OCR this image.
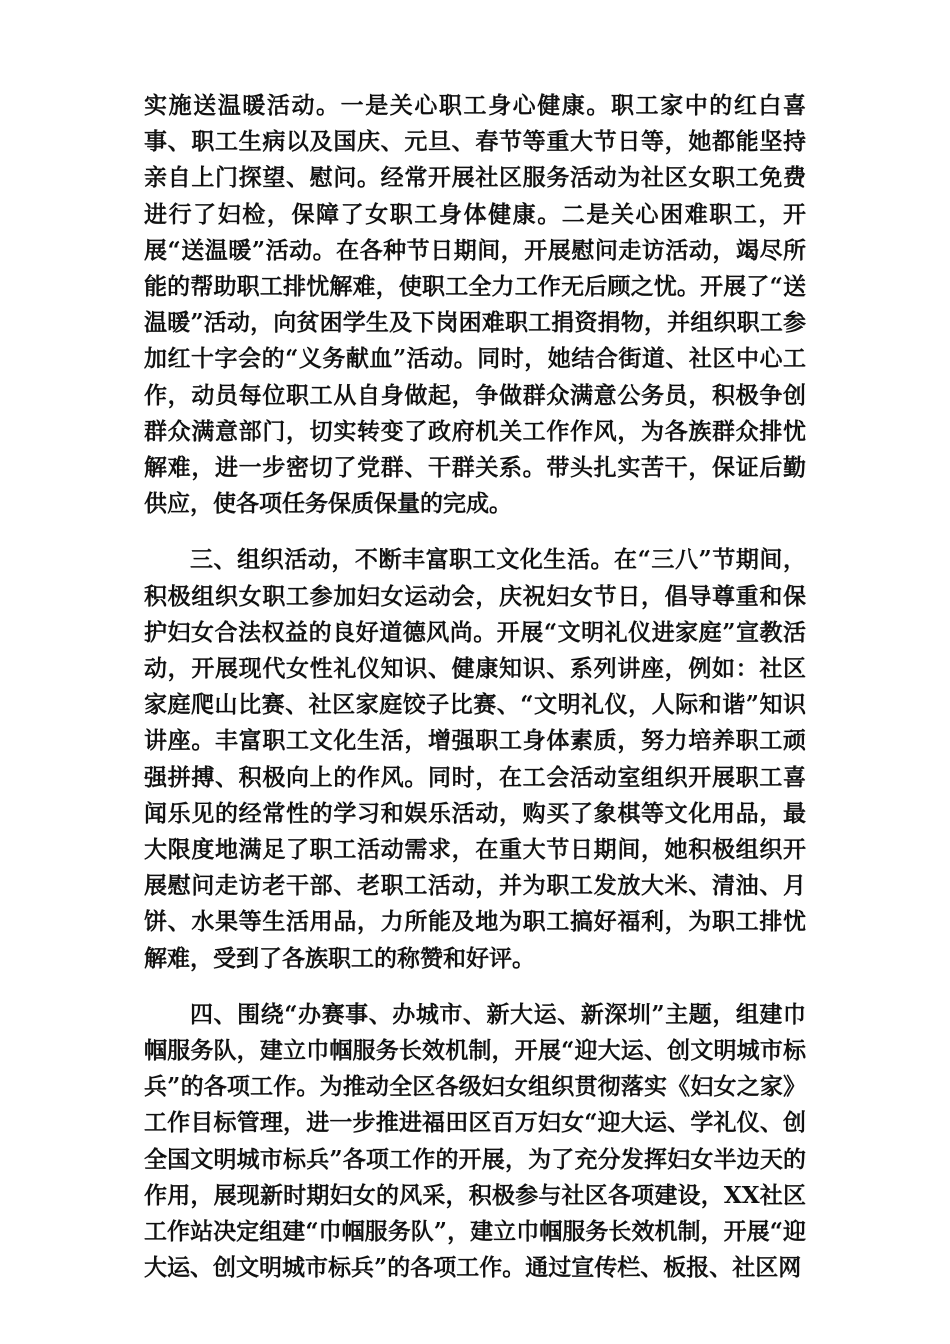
实施送温暖活动。一是关心职工身心健康。职工家中的红白喜事、职工生病以及国庆、元旦、春节等重大节日等，她都能坚持亲自上门探望、慰问。经常开展社区服务活动为社区女职工免费进行了妇检，保障了女职工身体健康。二是关心困难职工，开展“送温暖”活动。在各种节日期间，开展慰问走访活动，竭尽所能的帮助职工排忧解难，使职工全力工作无后顾之忧。开展了“送温暖”活动，向贫困学生及下岗困难职工捐资捐物，并组织职工参加红十字会的“义务献血”活动。同时，她结合街道、社区中心工作，动员每位职工从自身做起，争做群众满意公务员，积极争创群众满意部门，切实转变了政府机关工作作风，为各族群众排忧解难，进一步密切了党群、干群关系。带头扎实苦干，保证后勤供应，使各项任务保质保量的完成。

三、组织活动，不断丰富职工文化生活。在“三八”节期间，积极组织女职工参加妇女运动会，庆祝妇女节日，倡导尊重和保护妇女合法权益的良好道德风尚。开展“文明礼仪进家庭”宣教活动，开展现代女性礼仪知识、健康知识、系列讲座，例如：社区家庭爬山比赛、社区家庭饺子比赛、“文明礼仪，人际和谐”知识讲座。丰富职工文化生活，增强职工身体素质，努力培养职工顽强拼搏、积极向上的作风。同时，在工会活动室组织开展职工喜闻乐见的经常性的学习和娱乐活动，购买了象棋等文化用品，最大限度地满足了职工活动需求，在重大节日期间，她积极组织开展慰问走访老干部、老职工活动，并为职工发放大米、清油、月饼、水果等生活用品，力所能及地为职工搞好福利，为职工排忧解难，受到了各族职工的称赞和好评。

四、围绕“办赛事、办城市、新大运、新深圳”主题，组建巾帼服务队，建立巾帼服务长效机制，开展“迎大运、创文明城市标兵”的各项工作。为推动全区各级妇女组织贯彻落实《妇女之家》工作目标管理，进一步推进福田区百万妇女“迎大运、学礼仪、创全国文明城市标兵”各项工作的开展，为了充分发挥妇女半边天的作用，展现新时期妇女的风采，积极参与社区各项建设，XX社区工作站决定组建“巾帼服务队”，建立巾帼服务长效机制，开展“迎大运、创文明城市标兵”的各项工作。通过宣传栏、板报、社区网
